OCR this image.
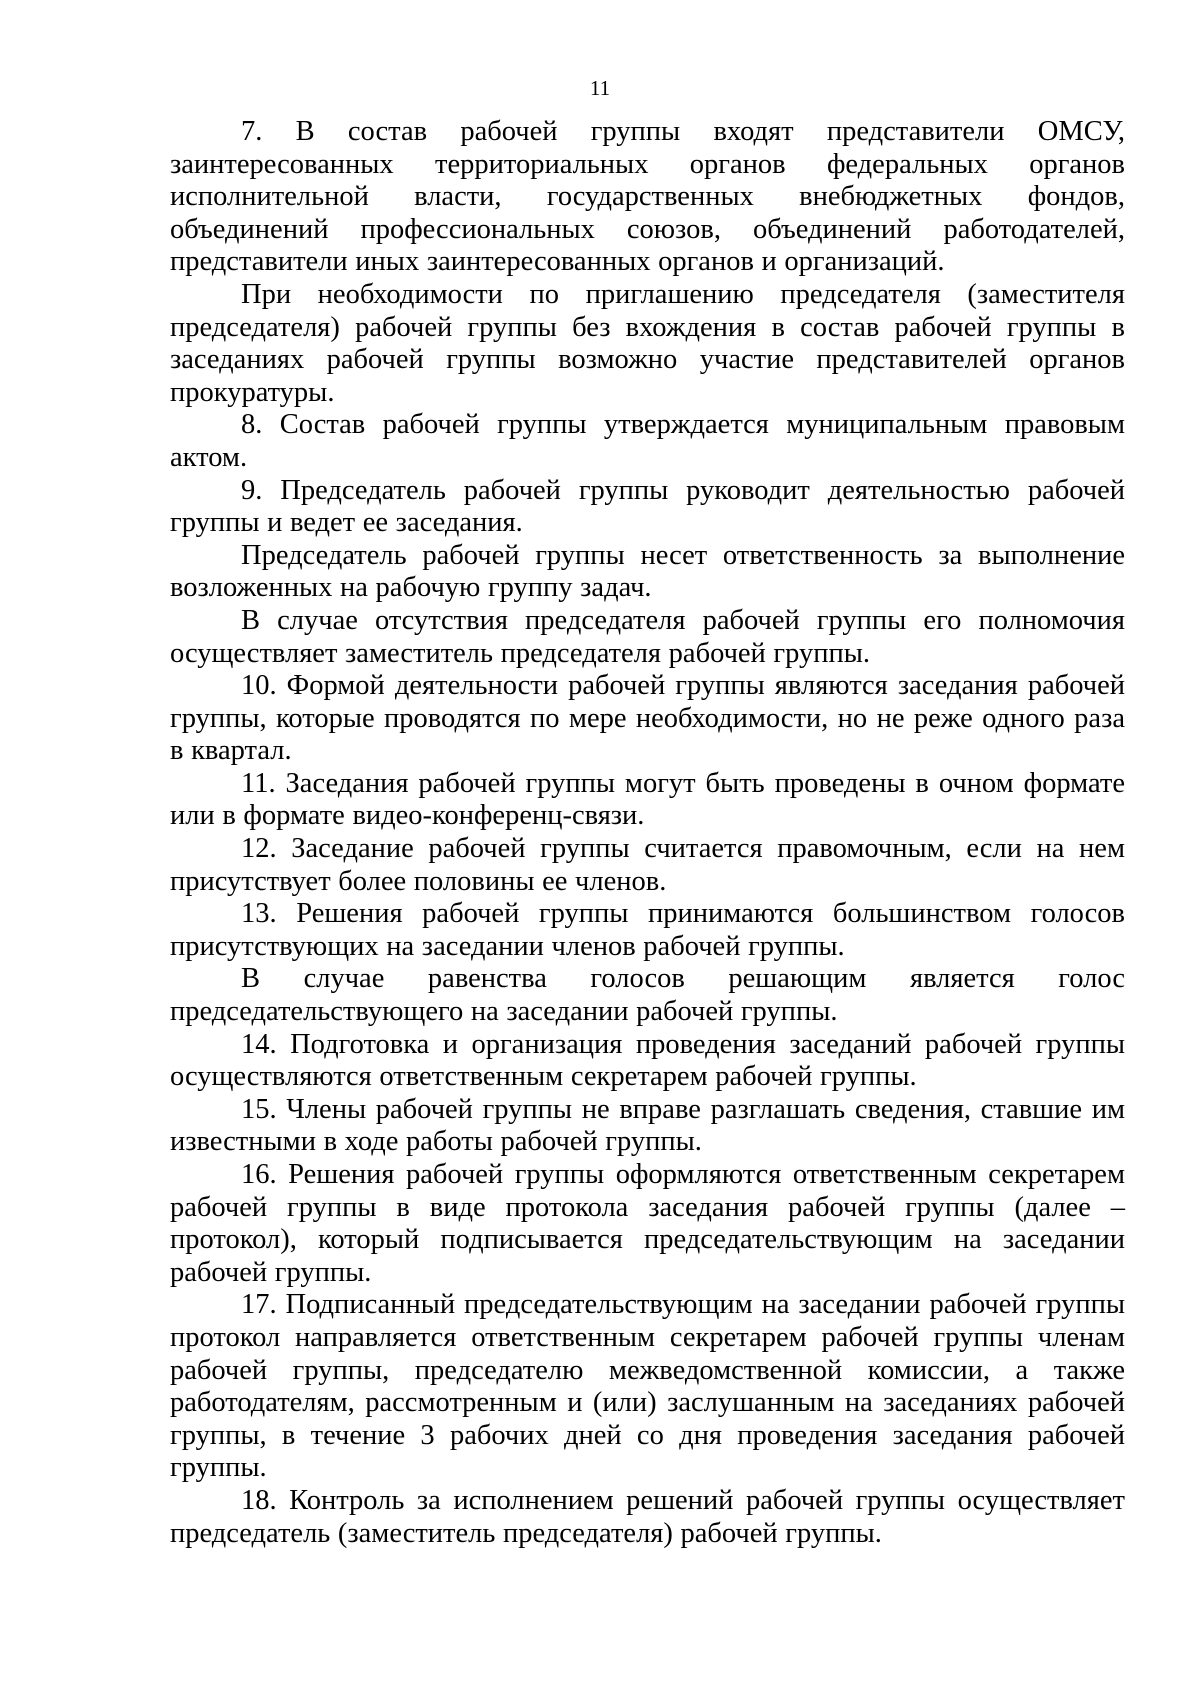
11

7. В состав рабочей группы входят представители ОМСУ, заинтересованных территориальных органов федеральных органов исполнительной власти, государственных внебюджетных фондов, объединений профессиональных союзов, объединений работодателей, представители иных заинтересованных органов и организаций.

При необходимости по приглашению председателя (заместителя председателя) рабочей группы без вхождения в состав рабочей группы в заседаниях рабочей группы возможно участие представителей органов прокуратуры.

8. Состав рабочей группы утверждается муниципальным правовым актом.

9. Председатель рабочей группы руководит деятельностью рабочей группы и ведет ее заседания.

Председатель рабочей группы несет ответственность за выполнение возложенных на рабочую группу задач.

В случае отсутствия председателя рабочей группы его полномочия осуществляет заместитель председателя рабочей группы.

10. Формой деятельности рабочей группы являются заседания рабочей группы, которые проводятся по мере необходимости, но не реже одного раза в квартал.

11. Заседания рабочей группы могут быть проведены в очном формате или в формате видео-конференц-связи.

12. Заседание рабочей группы считается правомочным, если на нем присутствует более половины ее членов.

13. Решения рабочей группы принимаются большинством голосов присутствующих на заседании членов рабочей группы.

В случае равенства голосов решающим является голос председательствующего на заседании рабочей группы.

14. Подготовка и организация проведения заседаний рабочей группы осуществляются ответственным секретарем рабочей группы.

15. Члены рабочей группы не вправе разглашать сведения, ставшие им известными в ходе работы рабочей группы.

16. Решения рабочей группы оформляются ответственным секретарем рабочей группы в виде протокола заседания рабочей группы (далее – протокол), который подписывается председательствующим на заседании рабочей группы.

17. Подписанный председательствующим на заседании рабочей группы протокол направляется ответственным секретарем рабочей группы членам рабочей группы, председателю межведомственной комиссии, а также работодателям, рассмотренным и (или) заслушанным на заседаниях рабочей группы, в течение 3 рабочих дней со дня проведения заседания рабочей группы.

18. Контроль за исполнением решений рабочей группы осуществляет председатель (заместитель председателя) рабочей группы.
